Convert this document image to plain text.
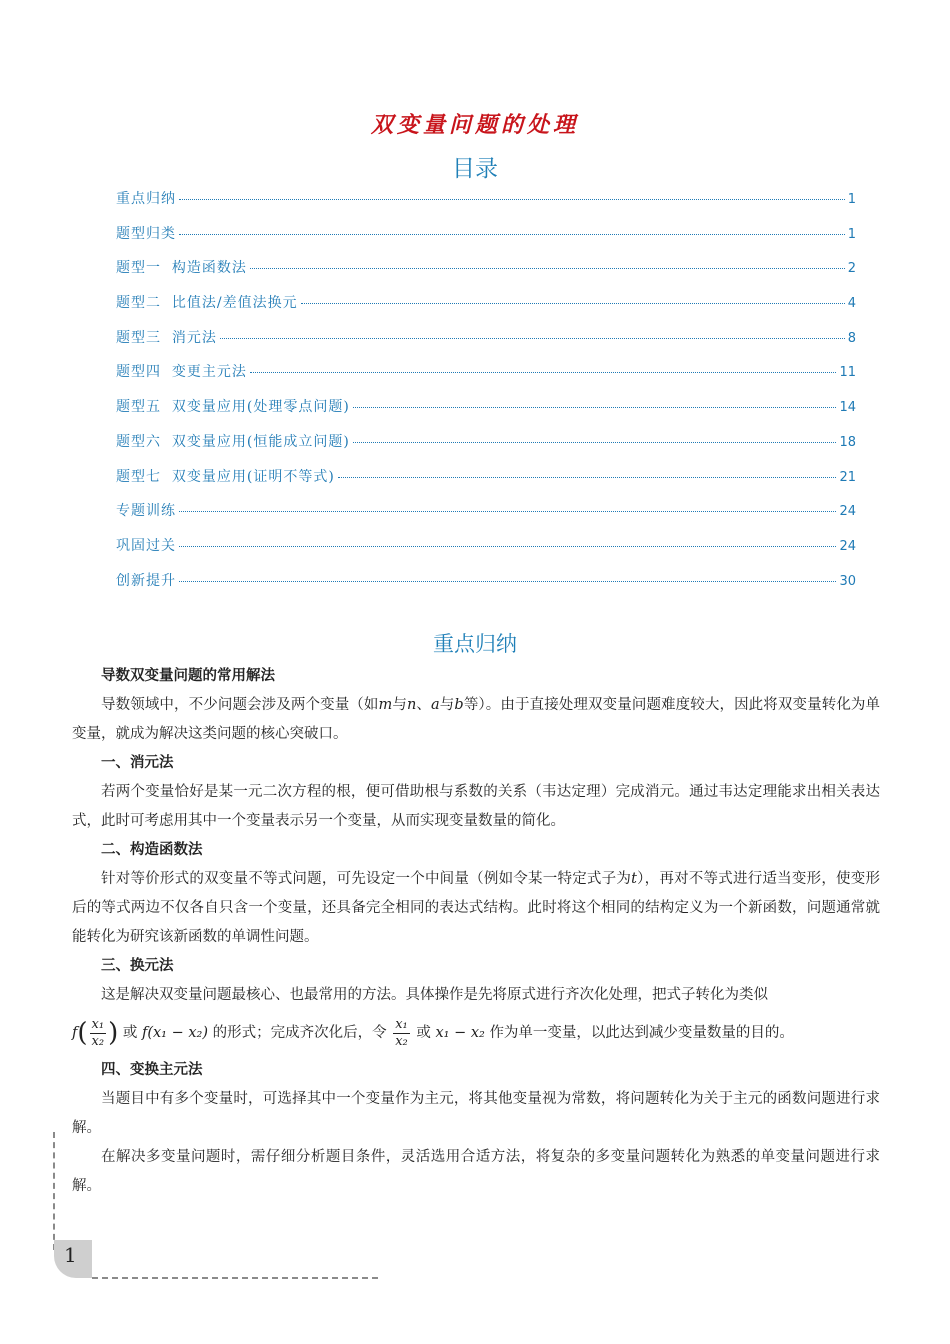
双变量问题的处理
目录
重点归纳	1
题型归类	1
题型一  构造函数法	2
题型二  比值法/差值法换元	4
题型三  消元法	8
题型四  变更主元法	11
题型五  双变量应用(处理零点问题)	14
题型六  双变量应用(恒能成立问题)	18
题型七  双变量应用(证明不等式)	21
专题训练	24
巩固过关	24
创新提升	30
重点归纳
导数双变量问题的常用解法

导数领域中，不少问题会涉及两个变量（如m与n、a与b等）。由于直接处理双变量问题难度较大，因此将双变量转化为单变量，就成为解决这类问题的核心突破口。

一、消元法

若两个变量恰好是某一元二次方程的根，便可借助根与系数的关系（韦达定理）完成消元。通过韦达定理能求出相关表达式，此时可考虑用其中一个变量表示另一个变量，从而实现变量数量的简化。

二、构造函数法

针对等价形式的双变量不等式问题，可先设定一个中间量（例如令某一特定式子为t），再对不等式进行适当变形，使变形后的等式两边不仅各自只含一个变量，还具备完全相同的表达式结构。此时将这个相同的结构定义为一个新函数，问题通常就能转化为研究该新函数的单调性问题。

三、换元法

这是解决双变量问题最核心、也最常用的方法。具体操作是先将原式进行齐次化处理，把式子转化为类似

$f( \frac{\text{x₁}}{\text{x₂}}$ ) 或 f(x₁ − x₂) 的形式；完成齐次化后，令 $\frac{\text{x₁}}{\text{x₂}}$ 或 x₁ − x₂ 作为单一变量，以此达到减少变量数量的目的。

四、变换主元法

当题目中有多个变量时，可选择其中一个变量作为主元，将其他变量视为常数，将问题转化为关于主元的函数问题进行求解。

在解决多变量问题时，需仔细分析题目条件，灵活选用合适方法，将复杂的多变量问题转化为熟悉的单变量问题进行求解。

1
